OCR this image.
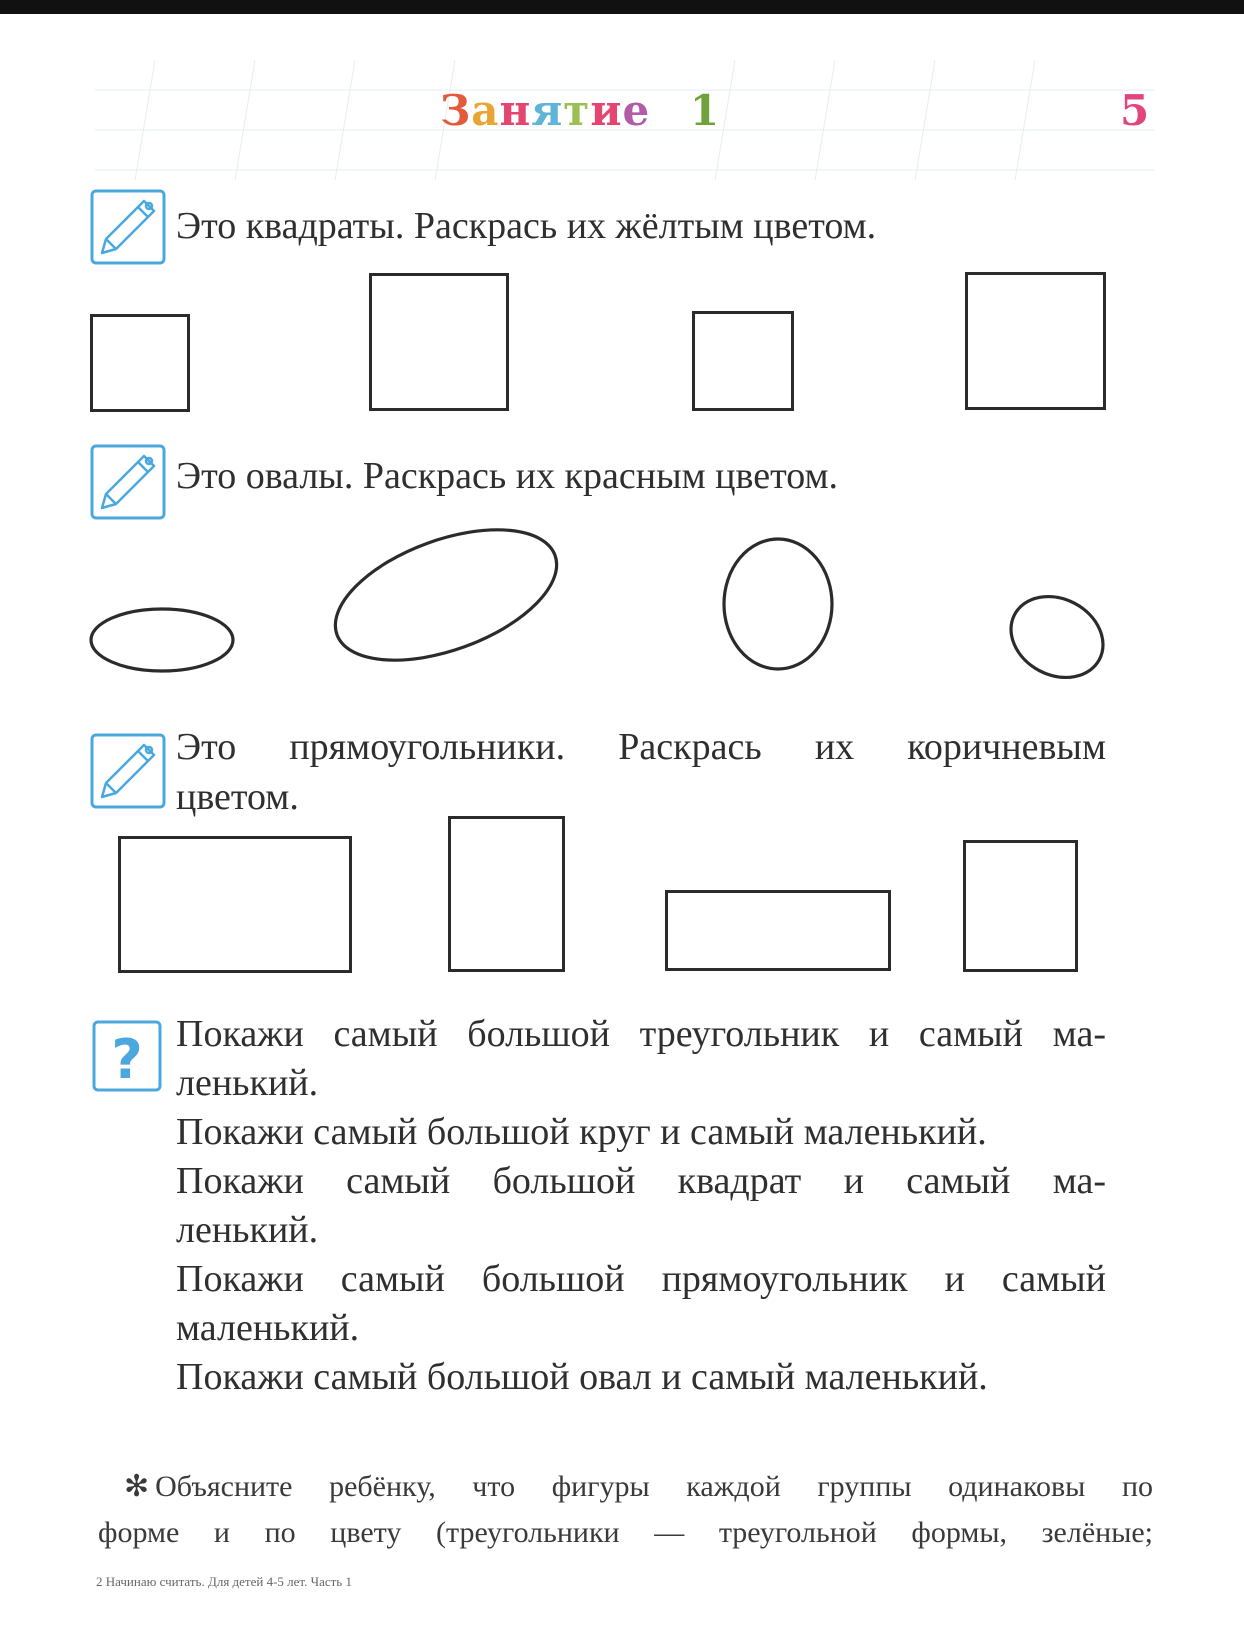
Занятие 1	5
Это квадраты. Раскрась их жёлтым цветом.
Это овалы. Раскрась их красным цветом.
Это прямоугольники. Раскрась их коричневым
цветом.
? Покажи самый большой треугольник и самый ма-

ленький.

Покажи самый большой круг и самый маленький.

Покажи самый большой квадрат и самый ма-

ленький.

Покажи самый большой прямоугольник и самый

маленький.

Покажи самый большой овал и самый маленький.

✻ Объясните ребёнку, что фигуры каждой группы одинаковы по
форме и по цвету (треугольники — треугольной формы, зелёные;
2 Начинаю считать. Для детей 4-5 лет. Часть 1
